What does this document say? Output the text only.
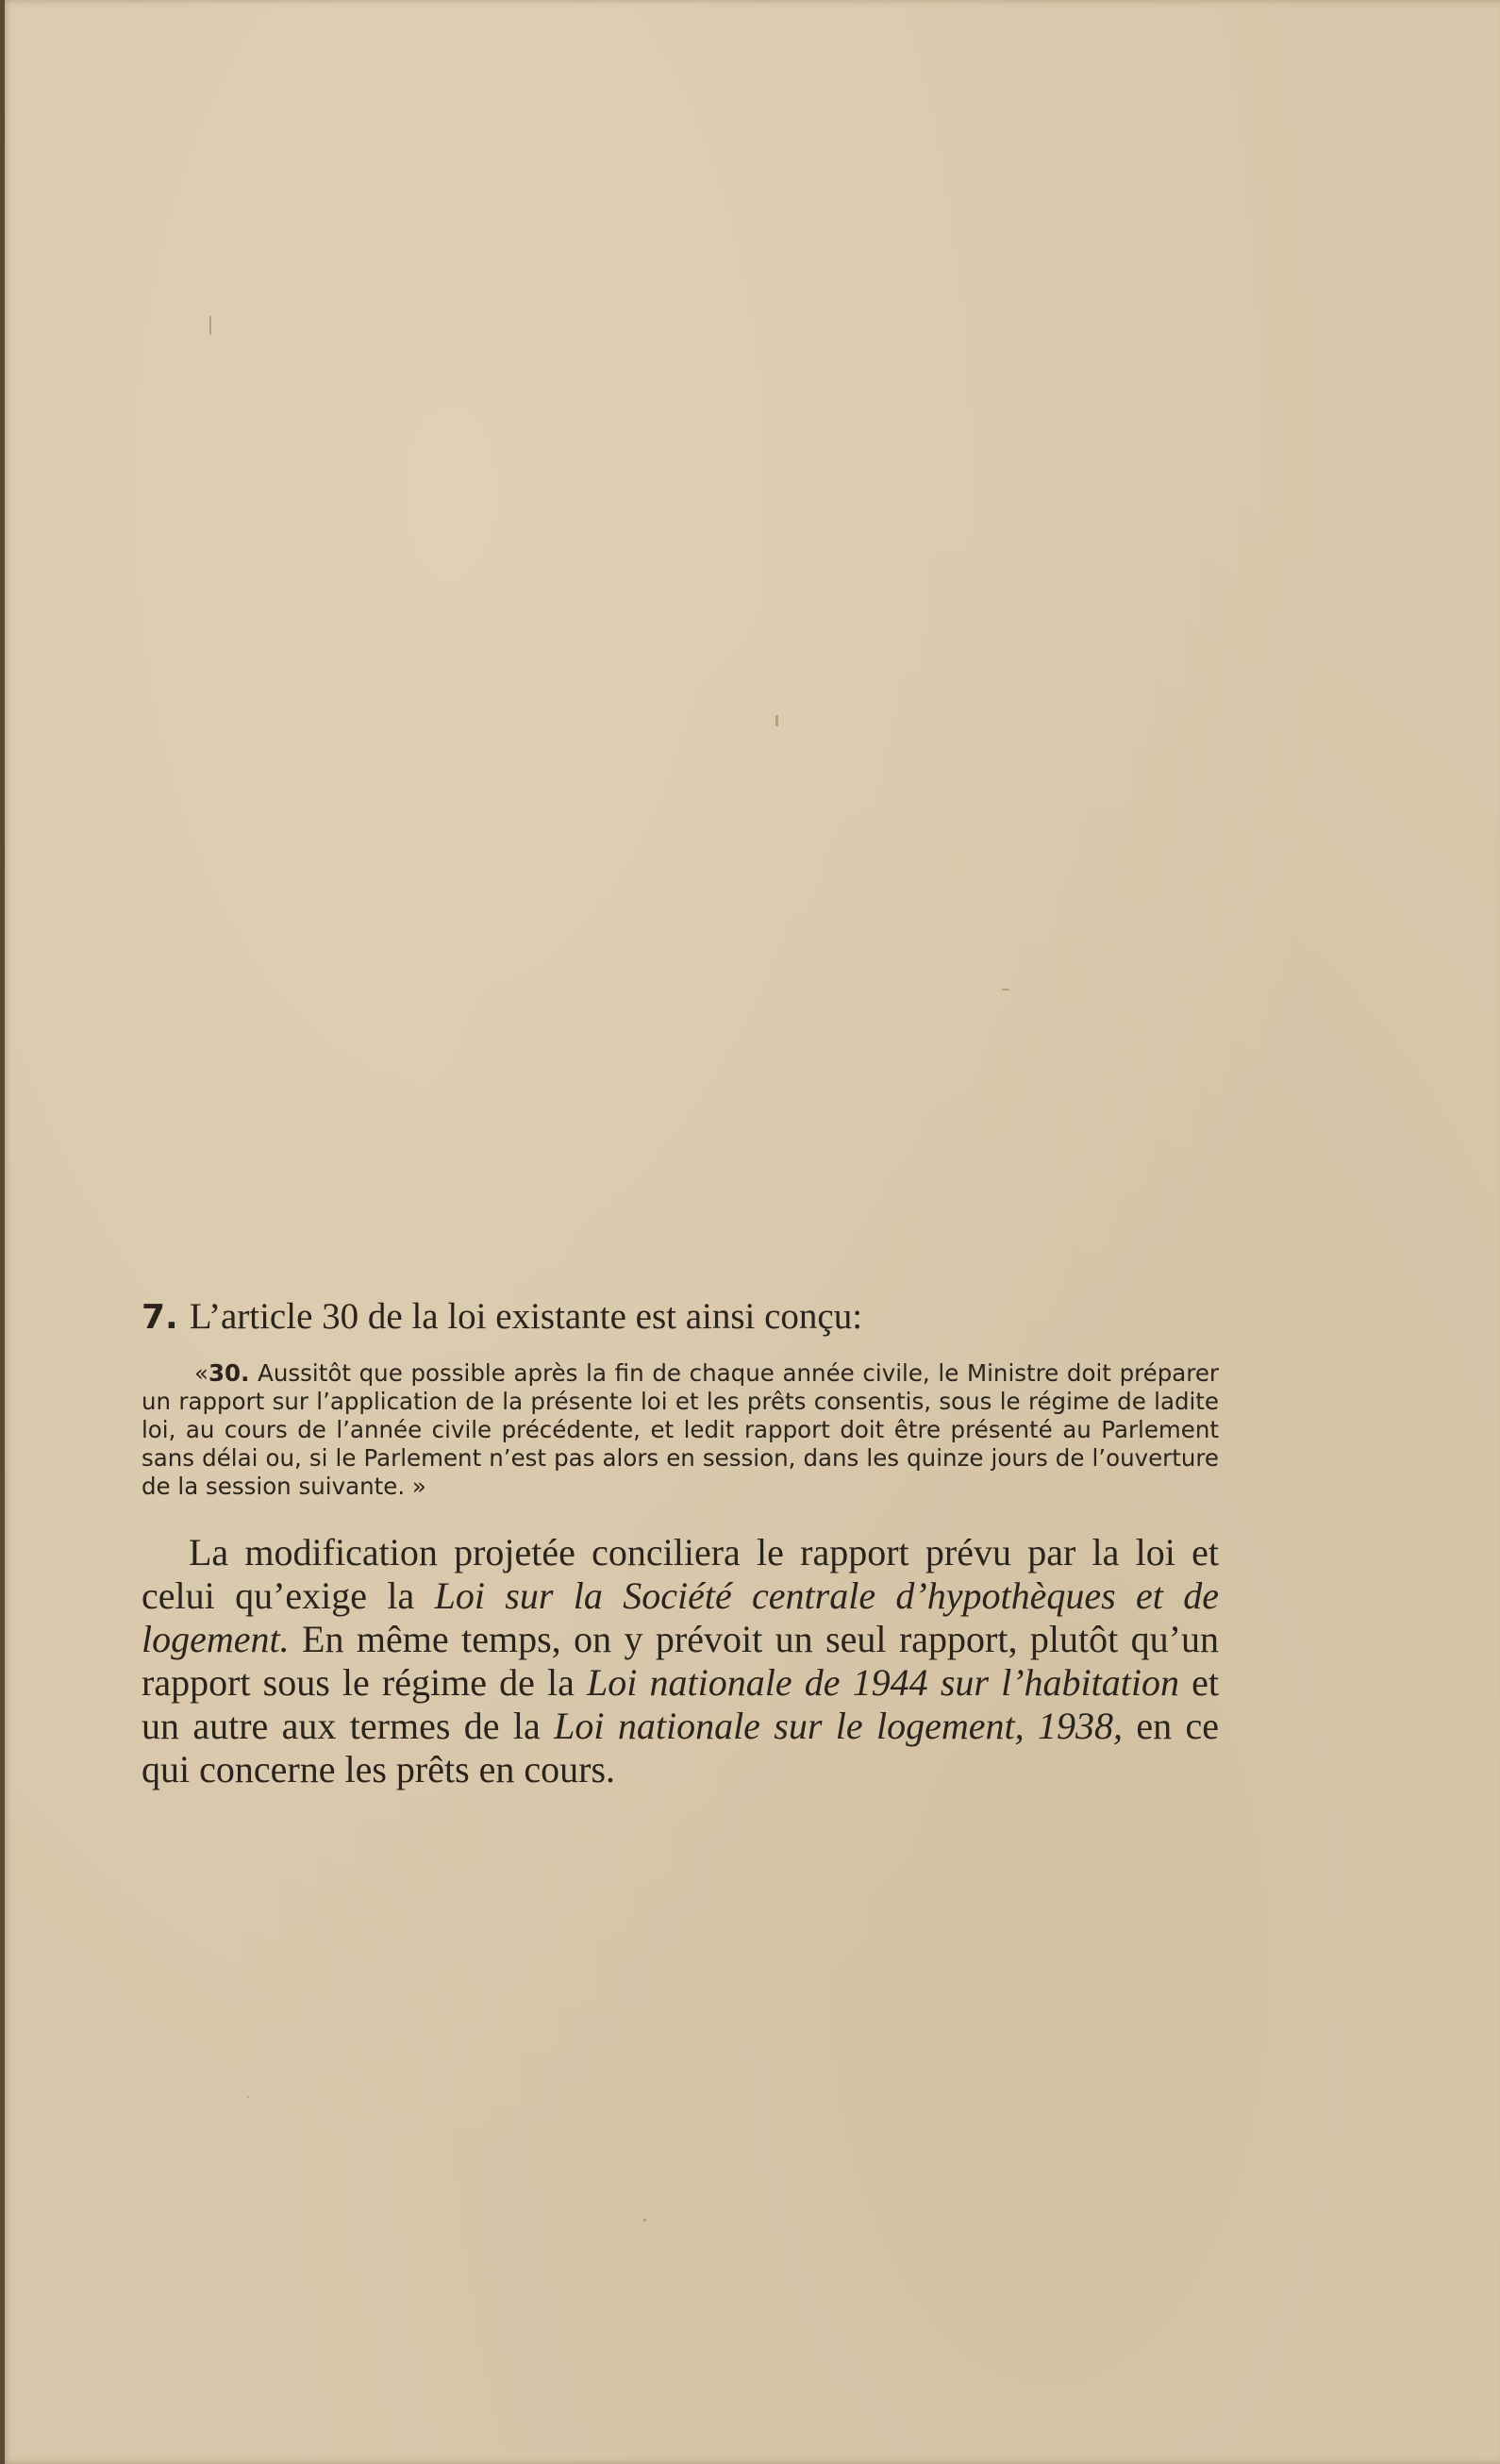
7. L’article 30 de la loi existante est ainsi conçu:

«30. Aussitôt que possible après la fin de chaque année civile, le Ministre doit préparer un rapport sur l’application de la présente loi et les prêts consentis, sous le régime de ladite loi, au cours de l’année civile précédente, et ledit rapport doit être présenté au Parlement sans délai ou, si le Parlement n’est pas alors en session, dans les quinze jours de l’ouverture de la session suivante. »

La modification projetée conciliera le rapport prévu par la loi et celui qu’exige la Loi sur la Société centrale d’hypothèques et de logement. En même temps, on y prévoit un seul rapport, plutôt qu’un rapport sous le régime de la Loi nationale de 1944 sur l’habitation et un autre aux termes de la Loi nationale sur le logement, 1938, en ce qui concerne les prêts en cours.
